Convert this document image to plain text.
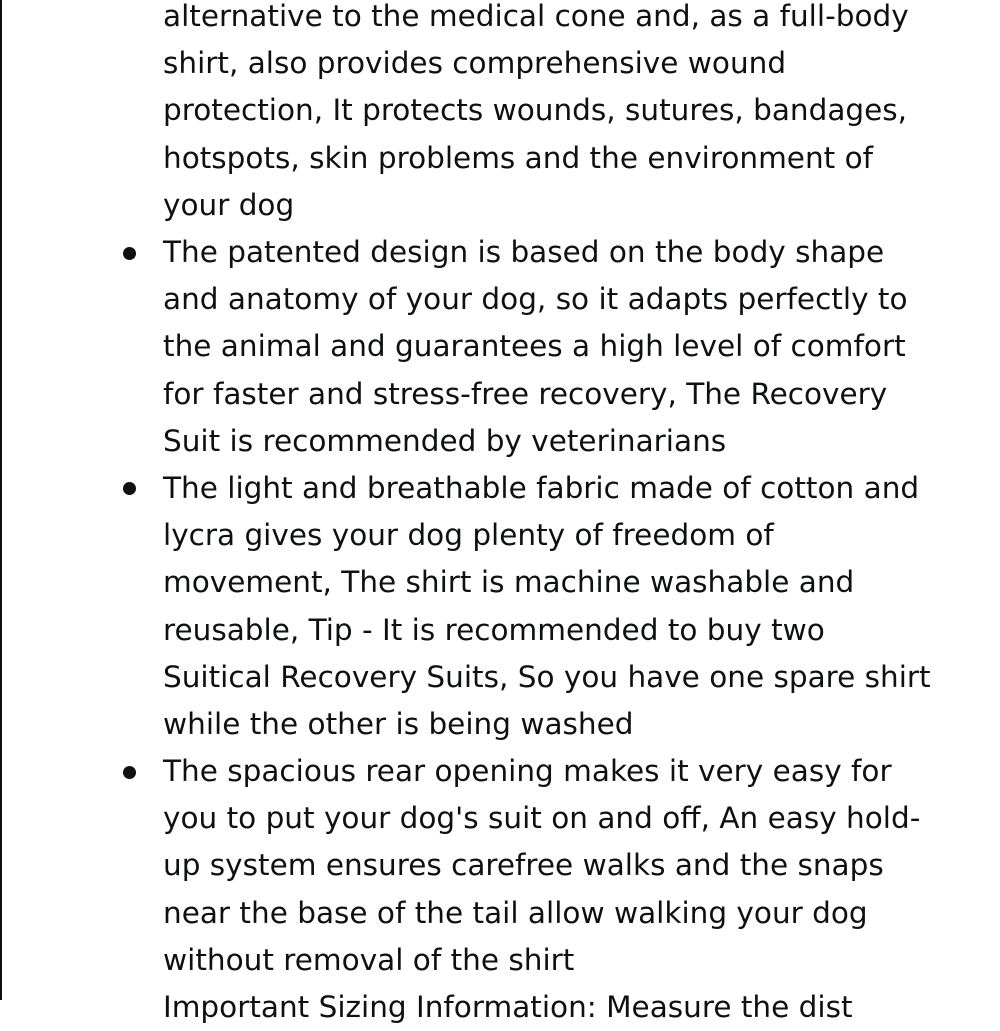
alternative to the medical cone and, as a full-body
shirt, also provides comprehensive wound
protection, It protects wounds, sutures, bandages,
hotspots, skin problems and the environment of
your dog

The patented design is based on the body shape
and anatomy of your dog, so it adapts perfectly to
the animal and guarantees a high level of comfort
for faster and stress-free recovery, The Recovery
Suit is recommended by veterinarians

The light and breathable fabric made of cotton and
lycra gives your dog plenty of freedom of
movement, The shirt is machine washable and
reusable, Tip - It is recommended to buy two
Suitical Recovery Suits, So you have one spare shirt
while the other is being washed

The spacious rear opening makes it very easy for
you to put your dog's suit on and off, An easy hold-
up system ensures carefree walks and the snaps
near the base of the tail allow walking your dog
without removal of the shirt

Important Sizing Information: Measure the dist
